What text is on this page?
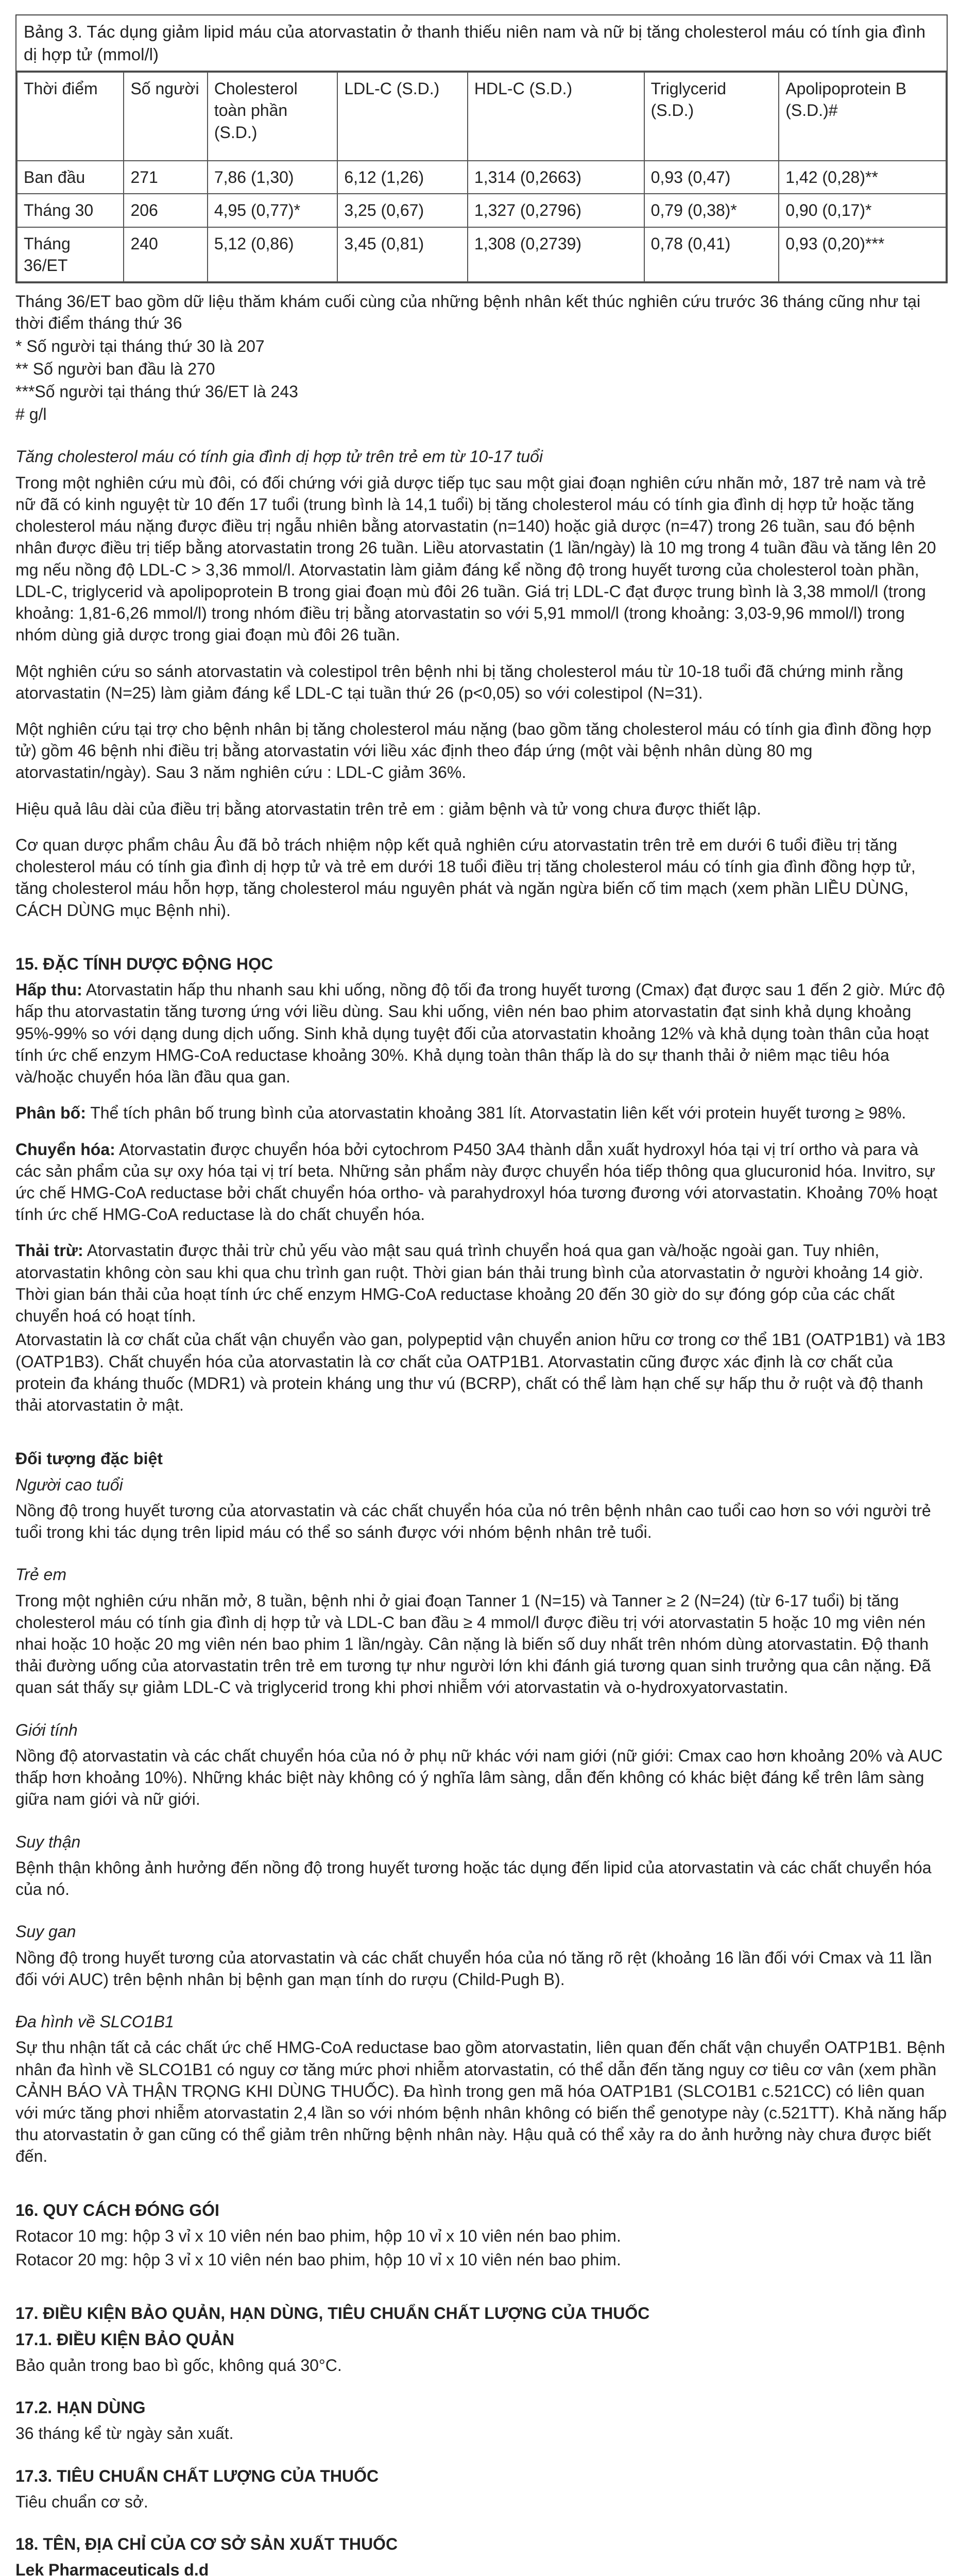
Bảng 3. Tác dụng giảm lipid máu của atorvastatin ở thanh thiếu niên nam và nữ bị tăng cholesterol máu có tính gia đình dị hợp tử (mmol/l)
Thời điểm	Số người	Cholesterol toàn phần (S.D.)	LDL-C (S.D.)	HDL-C (S.D.)	Triglycerid (S.D.)	Apolipoprotein B (S.D.)#
Ban đầu	271	7,86 (1,30)	6,12 (1,26)	1,314 (0,2663)	0,93 (0,47)	1,42 (0,28)**
Tháng 30	206	4,95 (0,77)*	3,25 (0,67)	1,327 (0,2796)	0,79 (0,38)*	0,90 (0,17)*
Tháng 36/ET	240	5,12 (0,86)	3,45 (0,81)	1,308 (0,2739)	0,78 (0,41)	0,93 (0,20)***

Tháng 36/ET bao gồm dữ liệu thăm khám cuối cùng của những bệnh nhân kết thúc nghiên cứu trước 36 tháng cũng như tại thời điểm tháng thứ 36

* Số người tại tháng thứ 30 là 207

** Số người ban đầu là 270

***Số người tại tháng thứ 36/ET là 243

# g/l

Tăng cholesterol máu có tính gia đình dị hợp tử trên trẻ em từ 10-17 tuổi

Trong một nghiên cứu mù đôi, có đối chứng với giả dược tiếp tục sau một giai đoạn nghiên cứu nhãn mở, 187 trẻ nam và trẻ nữ đã có kinh nguyệt từ 10 đến 17 tuổi (trung bình là 14,1 tuổi) bị tăng cholesterol máu có tính gia đình dị hợp tử hoặc tăng cholesterol máu nặng được điều trị ngẫu nhiên bằng atorvastatin (n=140) hoặc giả dược (n=47) trong 26 tuần, sau đó bệnh nhân được điều trị tiếp bằng atorvastatin trong 26 tuần. Liều atorvastatin (1 lần/ngày) là 10 mg trong 4 tuần đầu và tăng lên 20 mg nếu nồng độ LDL-C > 3,36 mmol/l. Atorvastatin làm giảm đáng kể nồng độ trong huyết tương của cholesterol toàn phần, LDL-C, triglycerid và apolipoprotein B trong giai đoạn mù đôi 26 tuần. Giá trị LDL-C đạt được trung bình là 3,38 mmol/l (trong khoảng: 1,81-6,26 mmol/l) trong nhóm điều trị bằng atorvastatin so với 5,91 mmol/l (trong khoảng: 3,03-9,96 mmol/l) trong nhóm dùng giả dược trong giai đoạn mù đôi 26 tuần.

Một nghiên cứu so sánh atorvastatin và colestipol trên bệnh nhi bị tăng cholesterol máu từ 10-18 tuổi đã chứng minh rằng atorvastatin (N=25) làm giảm đáng kể LDL-C tại tuần thứ 26 (p<0,05) so với colestipol (N=31).

Một nghiên cứu tại trợ cho bệnh nhân bị tăng cholesterol máu nặng (bao gồm tăng cholesterol máu có tính gia đình đồng hợp tử) gồm 46 bệnh nhi điều trị bằng atorvastatin với liều xác định theo đáp ứng (một vài bệnh nhân dùng 80 mg atorvastatin/ngày). Sau 3 năm nghiên cứu : LDL-C giảm 36%.

Hiệu quả lâu dài của điều trị bằng atorvastatin trên trẻ em : giảm bệnh và tử vong chưa được thiết lập.

Cơ quan dược phẩm châu Âu đã bỏ trách nhiệm nộp kết quả nghiên cứu atorvastatin trên trẻ em dưới 6 tuổi điều trị tăng cholesterol máu có tính gia đình dị hợp tử và trẻ em dưới 18 tuổi điều trị tăng cholesterol máu có tính gia đình đồng hợp tử, tăng cholesterol máu hỗn hợp, tăng cholesterol máu nguyên phát và ngăn ngừa biến cố tim mạch (xem phần LIỀU DÙNG, CÁCH DÙNG mục Bệnh nhi).

15. ĐẶC TÍNH DƯỢC ĐỘNG HỌC

Hấp thu: Atorvastatin hấp thu nhanh sau khi uống, nồng độ tối đa trong huyết tương (Cmax) đạt được sau 1 đến 2 giờ. Mức độ hấp thu atorvastatin tăng tương ứng với liều dùng. Sau khi uống, viên nén bao phim atorvastatin đạt sinh khả dụng khoảng 95%-99% so với dạng dung dịch uống. Sinh khả dụng tuyệt đối của atorvastatin khoảng 12% và khả dụng toàn thân của hoạt tính ức chế enzym HMG-CoA reductase khoảng 30%. Khả dụng toàn thân thấp là do sự thanh thải ở niêm mạc tiêu hóa và/hoặc chuyển hóa lần đầu qua gan.

Phân bố: Thể tích phân bố trung bình của atorvastatin khoảng 381 lít. Atorvastatin liên kết với protein huyết tương ≥ 98%.

Chuyển hóa: Atorvastatin được chuyển hóa bởi cytochrom P450 3A4 thành dẫn xuất hydroxyl hóa tại vị trí ortho và para và các sản phẩm của sự oxy hóa tại vị trí beta. Những sản phẩm này được chuyển hóa tiếp thông qua glucuronid hóa. Invitro, sự ức chế HMG-CoA reductase bởi chất chuyển hóa ortho- và parahydroxyl hóa tương đương với atorvastatin. Khoảng 70% hoạt tính ức chế HMG-CoA reductase là do chất chuyển hóa.

Thải trừ: Atorvastatin được thải trừ chủ yếu vào mật sau quá trình chuyển hoá qua gan và/hoặc ngoài gan. Tuy nhiên, atorvastatin không còn sau khi qua chu trình gan ruột. Thời gian bán thải trung bình của atorvastatin ở người khoảng 14 giờ. Thời gian bán thải của hoạt tính ức chế enzym HMG-CoA reductase khoảng 20 đến 30 giờ do sự đóng góp của các chất chuyển hoá có hoạt tính.

Atorvastatin là cơ chất của chất vận chuyển vào gan, polypeptid vận chuyển anion hữu cơ trong cơ thể 1B1 (OATP1B1) và 1B3 (OATP1B3). Chất chuyển hóa của atorvastatin là cơ chất của OATP1B1. Atorvastatin cũng được xác định là cơ chất của protein đa kháng thuốc (MDR1) và protein kháng ung thư vú (BCRP), chất có thể làm hạn chế sự hấp thu ở ruột và độ thanh thải atorvastatin ở mật.

Đối tượng đặc biệt
Người cao tuổi

Nồng độ trong huyết tương của atorvastatin và các chất chuyển hóa của nó trên bệnh nhân cao tuổi cao hơn so với người trẻ tuổi trong khi tác dụng trên lipid máu có thể so sánh được với nhóm bệnh nhân trẻ tuổi.

Trẻ em

Trong một nghiên cứu nhãn mở, 8 tuần, bệnh nhi ở giai đoạn Tanner 1 (N=15) và Tanner ≥ 2 (N=24) (từ 6-17 tuổi) bị tăng cholesterol máu có tính gia đình dị hợp tử và LDL-C ban đầu ≥ 4 mmol/l được điều trị với atorvastatin 5 hoặc 10 mg viên nén nhai hoặc 10 hoặc 20 mg viên nén bao phim 1 lần/ngày. Cân nặng là biến số duy nhất trên nhóm dùng atorvastatin. Độ thanh thải đường uống của atorvastatin trên trẻ em tương tự như người lớn khi đánh giá tương quan sinh trưởng qua cân nặng. Đã quan sát thấy sự giảm LDL-C và triglycerid trong khi phơi nhiễm với atorvastatin và o-hydroxyatorvastatin.

Giới tính

Nồng độ atorvastatin và các chất chuyển hóa của nó ở phụ nữ khác với nam giới (nữ giới: Cmax cao hơn khoảng 20% và AUC thấp hơn khoảng 10%). Những khác biệt này không có ý nghĩa lâm sàng, dẫn đến không có khác biệt đáng kể trên lâm sàng giữa nam giới và nữ giới.

Suy thận

Bệnh thận không ảnh hưởng đến nồng độ trong huyết tương hoặc tác dụng đến lipid của atorvastatin và các chất chuyển hóa của nó.

Suy gan

Nồng độ trong huyết tương của atorvastatin và các chất chuyển hóa của nó tăng rõ rệt (khoảng 16 lần đối với Cmax và 11 lần đối với AUC) trên bệnh nhân bị bệnh gan mạn tính do rượu (Child-Pugh B).

Đa hình về SLCO1B1

Sự thu nhận tất cả các chất ức chế HMG-CoA reductase bao gồm atorvastatin, liên quan đến chất vận chuyển OATP1B1. Bệnh nhân đa hình về SLCO1B1 có nguy cơ tăng mức phơi nhiễm atorvastatin, có thể dẫn đến tăng nguy cơ tiêu cơ vân (xem phần CẢNH BÁO VÀ THẬN TRỌNG KHI DÙNG THUỐC). Đa hình trong gen mã hóa OATP1B1 (SLCO1B1 c.521CC) có liên quan với mức tăng phơi nhiễm atorvastatin 2,4 lần so với nhóm bệnh nhân không có biến thể genotype này (c.521TT). Khả năng hấp thu atorvastatin ở gan cũng có thể giảm trên những bệnh nhân này. Hậu quả có thể xảy ra do ảnh hưởng này chưa được biết đến.

16. QUY CÁCH ĐÓNG GÓI

Rotacor 10 mg: hộp 3 vỉ x 10 viên nén bao phim, hộp 10 vỉ x 10 viên nén bao phim.

Rotacor 20 mg: hộp 3 vỉ x 10 viên nén bao phim, hộp 10 vỉ x 10 viên nén bao phim.

17. ĐIỀU KIỆN BẢO QUẢN, HẠN DÙNG, TIÊU CHUẨN CHẤT LƯỢNG CỦA THUỐC
17.1. ĐIỀU KIỆN BẢO QUẢN

Bảo quản trong bao bì gốc, không quá 30°C.

17.2. HẠN DÙNG

36 tháng kể từ ngày sản xuất.

17.3. TIÊU CHUẨN CHẤT LƯỢNG CỦA THUỐC

Tiêu chuẩn cơ sở.

18. TÊN, ĐỊA CHỈ CỦA CƠ SỞ SẢN XUẤT THUỐC

Lek Pharmaceuticals d.d
